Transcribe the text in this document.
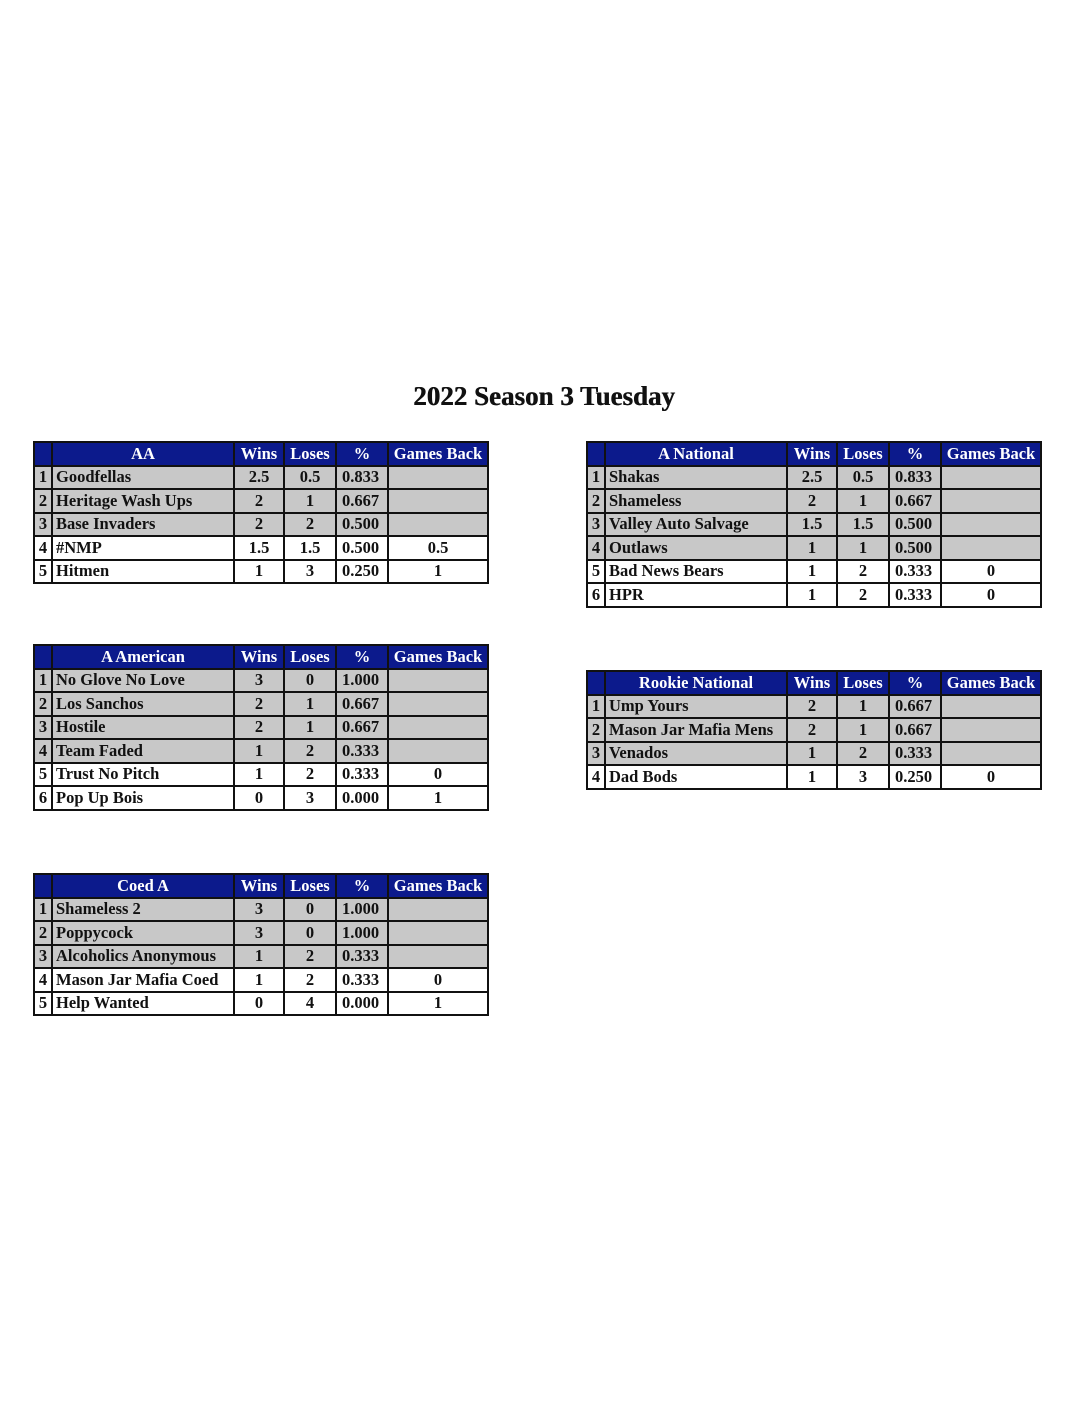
2022 Season 3 Tuesday
	AA	Wins	Loses	%	Games Back
1	Goodfellas	2.5	0.5	0.833	
2	Heritage Wash Ups	2	1	0.667	
3	Base Invaders	2	2	0.500	
4	#NMP	1.5	1.5	0.500	0.5
5	Hitmen	1	3	0.250	1
	A National	Wins	Loses	%	Games Back
1	Shakas	2.5	0.5	0.833	
2	Shameless	2	1	0.667	
3	Valley Auto Salvage	1.5	1.5	0.500	
4	Outlaws	1	1	0.500	
5	Bad News Bears	1	2	0.333	0
6	HPR	1	2	0.333	0
	A American	Wins	Loses	%	Games Back
1	No Glove No Love	3	0	1.000	
2	Los Sanchos	2	1	0.667	
3	Hostile	2	1	0.667	
4	Team Faded	1	2	0.333	
5	Trust No Pitch	1	2	0.333	0
6	Pop Up Bois	0	3	0.000	1
	Rookie National	Wins	Loses	%	Games Back
1	Ump Yours	2	1	0.667	
2	Mason Jar Mafia Mens	2	1	0.667	
3	Venados	1	2	0.333	
4	Dad Bods	1	3	0.250	0
	Coed A	Wins	Loses	%	Games Back
1	Shameless 2	3	0	1.000	
2	Poppycock	3	0	1.000	
3	Alcoholics Anonymous	1	2	0.333	
4	Mason Jar Mafia Coed	1	2	0.333	0
5	Help Wanted	0	4	0.000	1
